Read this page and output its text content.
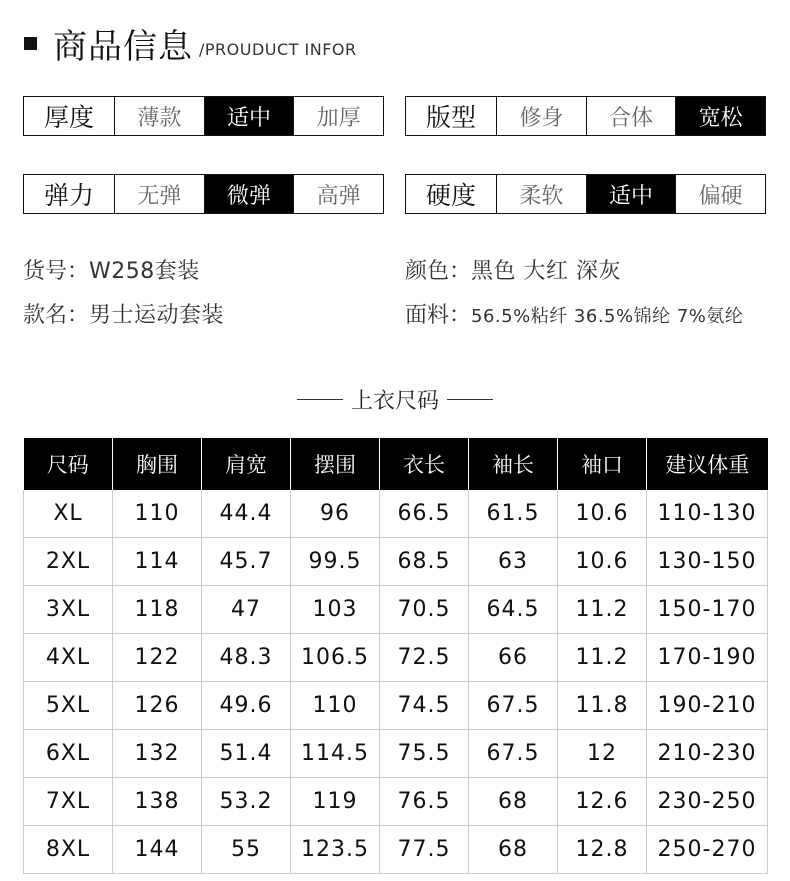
商品信息 /PROUDUCT INFOR
厚度	薄款	适中	加厚	版型	修身	合体	宽松
弹力	无弹	微弹	高弹	硬度	柔软	适中	偏硬
货号：W258套装	颜色：黑色 大红 深灰
款名：男士运动套装	面料：56.5%粘纤 36.5%锦纶 7%氨纶
上衣尺码
尺码	胸围	肩宽	摆围	衣长	袖长	袖口	建议体重
XL	110	44.4	96	66.5	61.5	10.6	110-130
2XL	114	45.7	99.5	68.5	63	10.6	130-150
3XL	118	47	103	70.5	64.5	11.2	150-170
4XL	122	48.3	106.5	72.5	66	11.2	170-190
5XL	126	49.6	110	74.5	67.5	11.8	190-210
6XL	132	51.4	114.5	75.5	67.5	12	210-230
7XL	138	53.2	119	76.5	68	12.6	230-250
8XL	144	55	123.5	77.5	68	12.8	250-270
